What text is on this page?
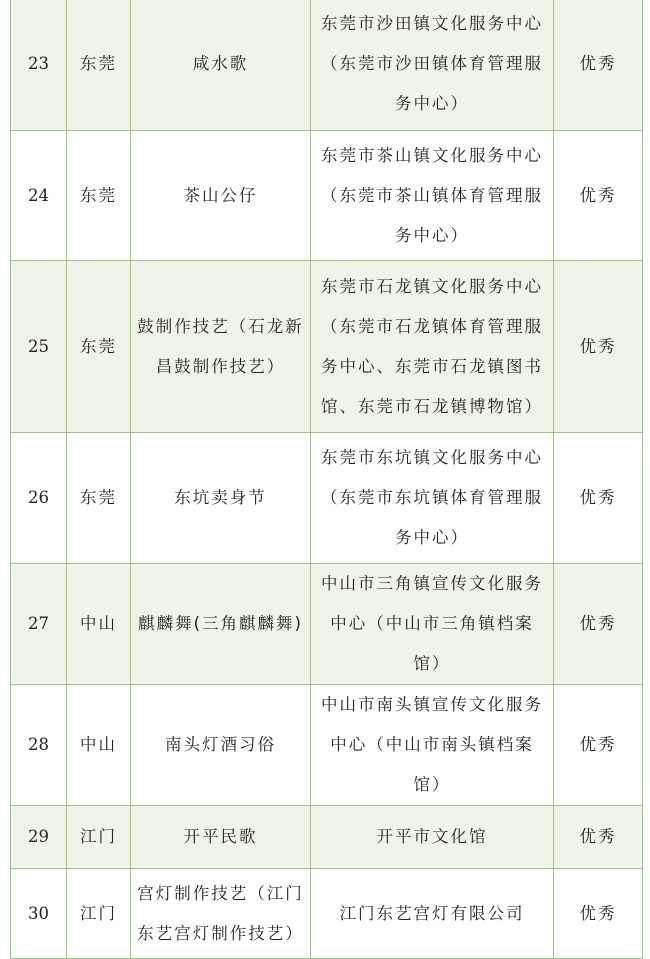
23	东莞	咸水歌	东莞市沙田镇文化服务中心（东莞市沙田镇体育管理服务中心）	优秀
24	东莞	茶山公仔	东莞市茶山镇文化服务中心（东莞市茶山镇体育管理服务中心）	优秀
25	东莞	鼓制作技艺（石龙新昌鼓制作技艺）	东莞市石龙镇文化服务中心（东莞市石龙镇体育管理服务中心、东莞市石龙镇图书馆、东莞市石龙镇博物馆）	优秀
26	东莞	东坑卖身节	东莞市东坑镇文化服务中心（东莞市东坑镇体育管理服务中心）	优秀
27	中山	麒麟舞(三角麒麟舞)	中山市三角镇宣传文化服务中心（中山市三角镇档案馆）	优秀
28	中山	南头灯酒习俗	中山市南头镇宣传文化服务中心（中山市南头镇档案馆）	优秀
29	江门	开平民歌	开平市文化馆	优秀
30	江门	宫灯制作技艺（江门东艺宫灯制作技艺）	江门东艺宫灯有限公司	优秀
